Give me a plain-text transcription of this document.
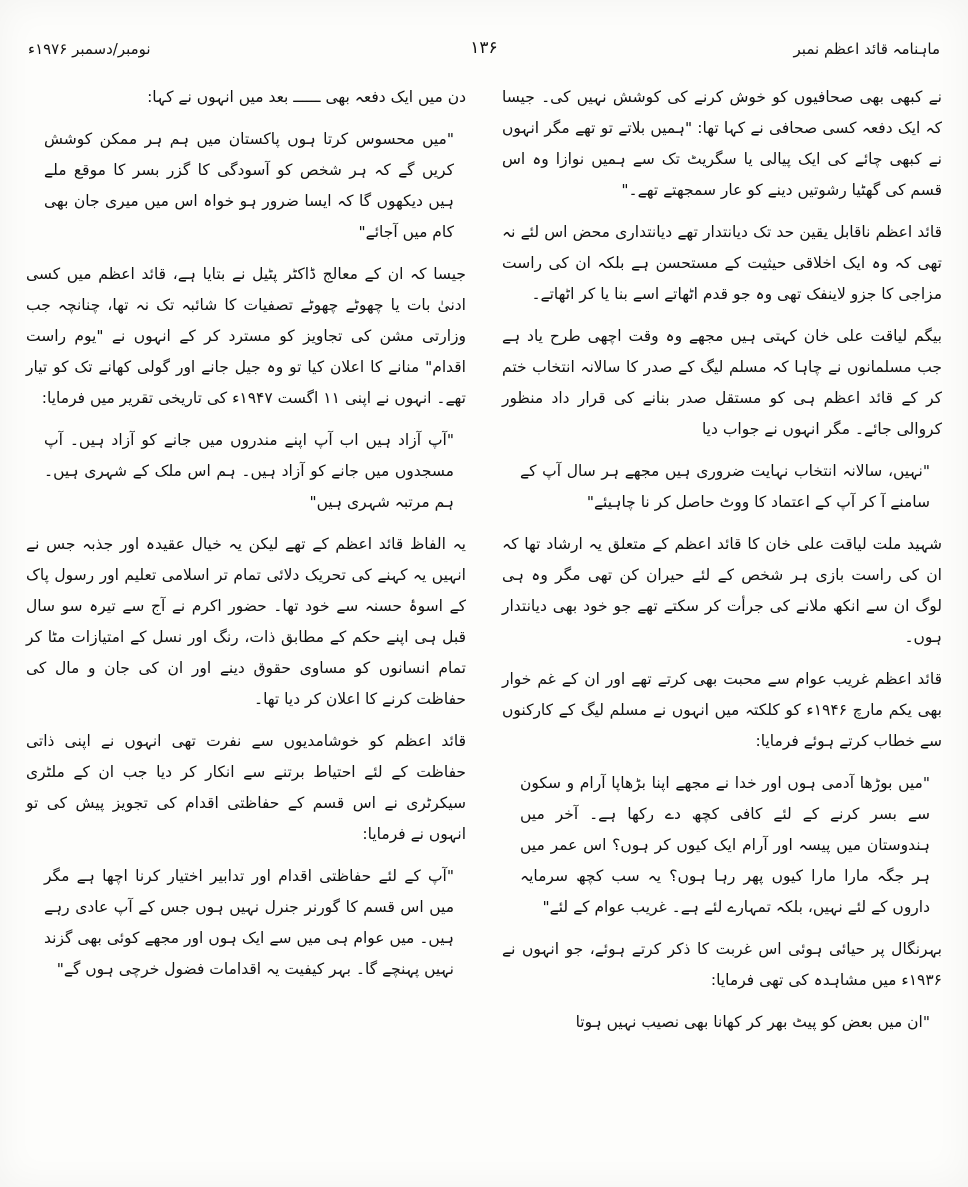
ماہنامہ قائد اعظم نمبر
۱۳۶
نومبر/دسمبر ۱۹۷۶ء

نے کبھی بھی صحافیوں کو خوش کرنے کی کوشش نہیں کی۔ جیسا کہ ایک دفعہ کسی صحافی نے کہا تھا: "ہمیں بلاتے تو تھے مگر انہوں نے کبھی چائے کی ایک پیالی یا سگریٹ تک سے ہمیں نوازا وہ اس قسم کی گھٹیا رشوتیں دینے کو عار سمجھتے تھے۔"

قائد اعظم ناقابل یقین حد تک دیانتدار تھے دیانتداری محض اس لئے نہ تھی کہ وہ ایک اخلاقی حیثیت کے مستحسن ہے بلکہ ان کی راست مزاجی کا جزو لاینفک تھی وہ جو قدم اٹھاتے اسے بنا یا کر اٹھاتے۔

بیگم لیاقت علی خان کہتی ہیں مجھے وہ وقت اچھی طرح یاد ہے جب مسلمانوں نے چاہا کہ مسلم لیگ کے صدر کا سالانہ انتخاب ختم کر کے قائد اعظم ہی کو مستقل صدر بنانے کی قرار داد منظور کروالی جائے۔ مگر انہوں نے جواب دیا

"نہیں، سالانہ انتخاب نہایت ضروری ہیں مجھے ہر سال آپ کے سامنے آ کر آپ کے اعتماد کا ووٹ حاصل کر نا چاہیئے"

شہید ملت لیاقت علی خان کا قائد اعظم کے متعلق یہ ارشاد تھا کہ ان کی راست بازی ہر شخص کے لئے حیران کن تھی مگر وہ ہی لوگ ان سے انکھ ملانے کی جرأت کر سکتے تھے جو خود بھی دیانتدار ہوں۔

قائد اعظم غریب عوام سے محبت بھی کرتے تھے اور ان کے غم خوار بھی یکم مارچ ۱۹۴۶ء کو کلکتہ میں انہوں نے مسلم لیگ کے کارکنوں سے خطاب کرتے ہوئے فرمایا:

"میں بوڑھا آدمی ہوں اور خدا نے مجھے اپنا بڑھاپا آرام و سکون سے بسر کرنے کے لئے کافی کچھ دے رکھا ہے۔ آخر میں ہندوستان میں پیسہ اور آرام ایک کیوں کر ہوں؟ اس عمر میں ہر جگہ مارا مارا کیوں پھر رہا ہوں؟ یہ سب کچھ سرمایہ داروں کے لئے نہیں، بلکہ تمہارے لئے ہے۔ غریب عوام کے لئے"

بہرنگال پر حیائی ہوئی اس غربت کا ذکر کرتے ہوئے، جو انہوں نے ۱۹۳۶ء میں مشاہدہ کی تھی فرمایا:

"ان میں بعض کو پیٹ بھر کر کھانا بھی نصیب نہیں ہوتا

دن میں ایک دفعہ بھی ــــــ بعد میں انہوں نے کہا:

"میں محسوس کرتا ہوں پاکستان میں ہم ہر ممکن کوشش کریں گے کہ ہر شخص کو آسودگی کا گزر بسر کا موقع ملے ہیں دیکھوں گا کہ ایسا ضرور ہو خواہ اس میں میری جان بھی کام میں آجائے"

جیسا کہ ان کے معالج ڈاکٹر پٹیل نے بتایا ہے، قائد اعظم میں کسی ادنیٰ بات یا چھوٹے چھوٹے تصفیات کا شائبہ تک نہ تھا، چنانچہ جب وزارتی مشن کی تجاویز کو مسترد کر کے انہوں نے "یوم راست اقدام" منانے کا اعلان کیا تو وہ جیل جانے اور گولی کھانے تک کو تیار تھے۔ انہوں نے اپنی ۱۱ اگست ۱۹۴۷ء کی تاریخی تقریر میں فرمایا:

"آپ آزاد ہیں اب آپ اپنے مندروں میں جانے کو آزاد ہیں۔ آپ مسجدوں میں جانے کو آزاد ہیں۔ ہم اس ملک کے شہری ہیں۔ ہم مرتبہ شہری ہیں"

یہ الفاظ قائد اعظم کے تھے لیکن یہ خیال عقیدہ اور جذبہ جس نے انہیں یہ کہنے کی تحریک دلائی تمام تر اسلامی تعلیم اور رسول پاک کے اسوۂ حسنہ سے خود تھا۔ حضور اکرم نے آج سے تیرہ سو سال قبل ہی اپنے حکم کے مطابق ذات، رنگ اور نسل کے امتیازات مٹا کر تمام انسانوں کو مساوی حقوق دینے اور ان کی جان و مال کی حفاظت کرنے کا اعلان کر دیا تھا۔

قائد اعظم کو خوشامدیوں سے نفرت تھی انہوں نے اپنی ذاتی حفاظت کے لئے احتیاط برتنے سے انکار کر دیا جب ان کے ملٹری سیکرٹری نے اس قسم کے حفاظتی اقدام کی تجویز پیش کی تو انہوں نے فرمایا:

"آپ کے لئے حفاظتی اقدام اور تدابیر اختیار کرنا اچھا ہے مگر میں اس قسم کا گورنر جنرل نہیں ہوں جس کے آپ عادی رہے ہیں۔ میں عوام ہی میں سے ایک ہوں اور مجھے کوئی بھی گزند نہیں پہنچے گا۔ بہر کیفیت یہ اقدامات فضول خرچی ہوں گے"
